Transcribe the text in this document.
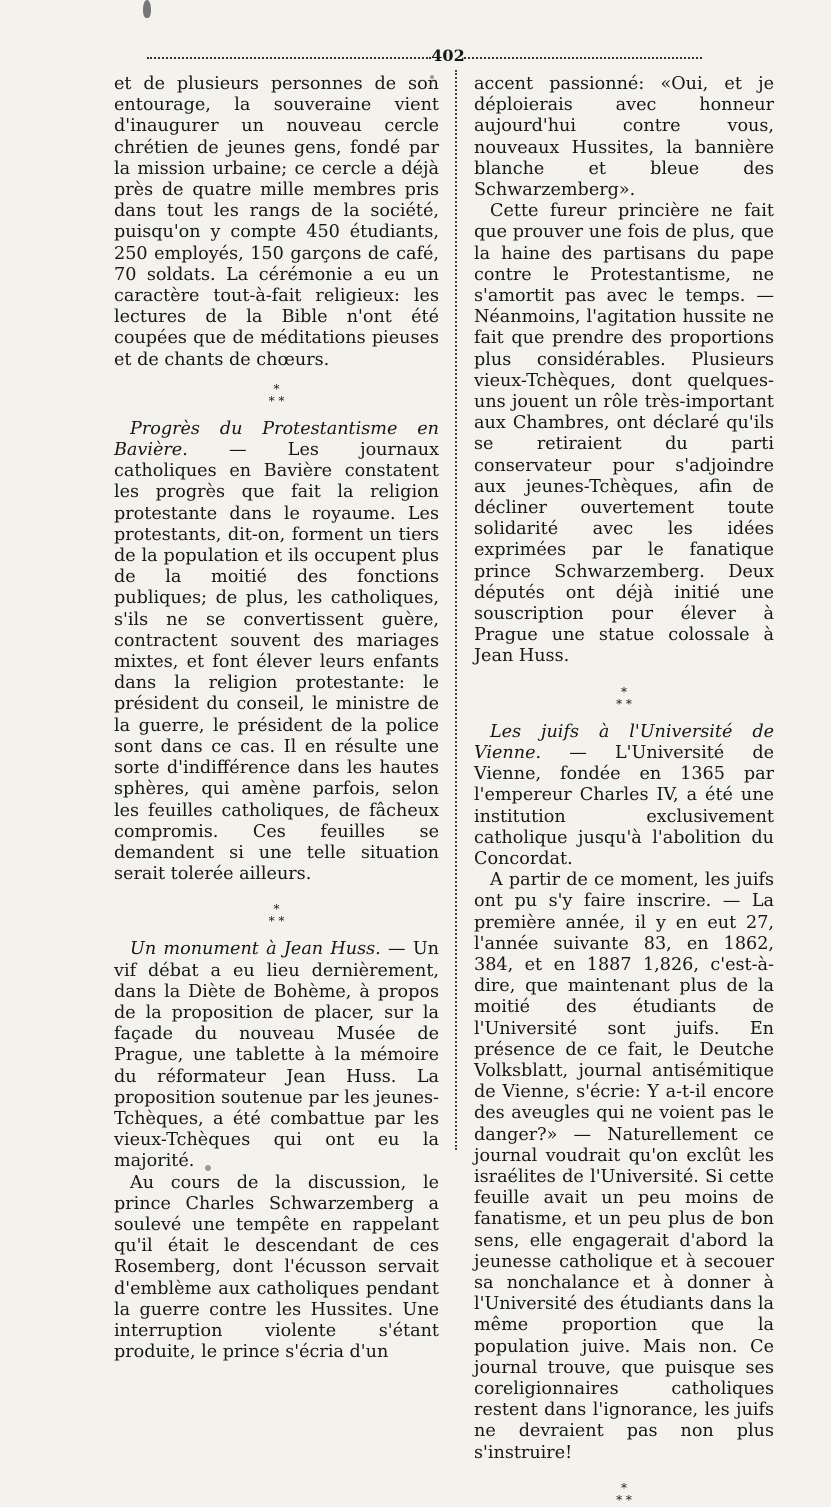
402

et de plusieurs personnes de son entourage, la souveraine vient d'inaugurer un nouveau cercle chrétien de jeunes gens, fondé par la mission urbaine; ce cercle a déjà près de quatre mille membres pris dans tout les rangs de la société, puisqu'on y compte 450 étudiants, 250 employés, 150 garçons de café, 70 soldats. La cérémonie a eu un caractère tout-à-fait religieux: les lectures de la Bible n'ont été coupées que de méditations pieuses et de chants de chœurs.

*
* *

Progrès du Protestantisme en Bavière. — Les journaux catholiques en Bavière constatent les progrès que fait la religion protestante dans le royaume. Les protestants, dit-on, forment un tiers de la population et ils occupent plus de la moitié des fonctions publiques; de plus, les catholiques, s'ils ne se convertissent guère, contractent souvent des mariages mixtes, et font élever leurs enfants dans la religion protestante: le président du conseil, le ministre de la guerre, le président de la police sont dans ce cas. Il en résulte une sorte d'indifférence dans les hautes sphères, qui amène parfois, selon les feuilles catholiques, de fâcheux compromis. Ces feuilles se demandent si une telle situation serait tolerée ailleurs.

*
* *

Un monument à Jean Huss. — Un vif débat a eu lieu dernièrement, dans la Diète de Bohème, à propos de la proposition de placer, sur la façade du nouveau Musée de Prague, une tablette à la mémoire du réformateur Jean Huss. La proposition soutenue par les jeunes-Tchèques, a été combattue par les vieux-Tchèques qui ont eu la majorité.

Au cours de la discussion, le prince Charles Schwarzemberg a soulevé une tempête en rappelant qu'il était le descendant de ces Rosemberg, dont l'écusson servait d'emblème aux catholiques pendant la guerre contre les Hussites. Une interruption violente s'étant produite, le prince s'écria d'un

accent passionné: «Oui, et je déploierais avec honneur aujourd'hui contre vous, nouveaux Hussites, la bannière blanche et bleue des Schwarzemberg».

Cette fureur princière ne fait que prouver une fois de plus, que la haine des partisans du pape contre le Protestantisme, ne s'amortit pas avec le temps. — Néanmoins, l'agitation hussite ne fait que prendre des proportions plus considérables. Plusieurs vieux-Tchèques, dont quelques-uns jouent un rôle très-important aux Chambres, ont déclaré qu'ils se retiraient du parti conservateur pour s'adjoindre aux jeunes-Tchèques, afin de décliner ouvertement toute solidarité avec les idées exprimées par le fanatique prince Schwarzemberg. Deux députés ont déjà initié une souscription pour élever à Prague une statue colossale à Jean Huss.

*
* *

Les juifs à l'Université de Vienne. — L'Université de Vienne, fondée en 1365 par l'empereur Charles IV, a été une institution exclusivement catholique jusqu'à l'abolition du Concordat.

A partir de ce moment, les juifs ont pu s'y faire inscrire. — La première année, il y en eut 27, l'année suivante 83, en 1862, 384, et en 1887 1,826, c'est-à-dire, que maintenant plus de la moitié des étudiants de l'Université sont juifs. En présence de ce fait, le Deutche Volksblatt, journal antisémitique de Vienne, s'écrie: Y a-t-il encore des aveugles qui ne voient pas le danger?» — Naturellement ce journal voudrait qu'on exclût les israélites de l'Université. Si cette feuille avait un peu moins de fanatisme, et un peu plus de bon sens, elle engagerait d'abord la jeunesse catholique et à secouer sa nonchalance et à donner à l'Université des étudiants dans la même proportion que la population juive. Mais non. Ce journal trouve, que puisque ses coreligionnaires catholiques restent dans l'ignorance, les juifs ne devraient pas non plus s'instruire!

*
* *
